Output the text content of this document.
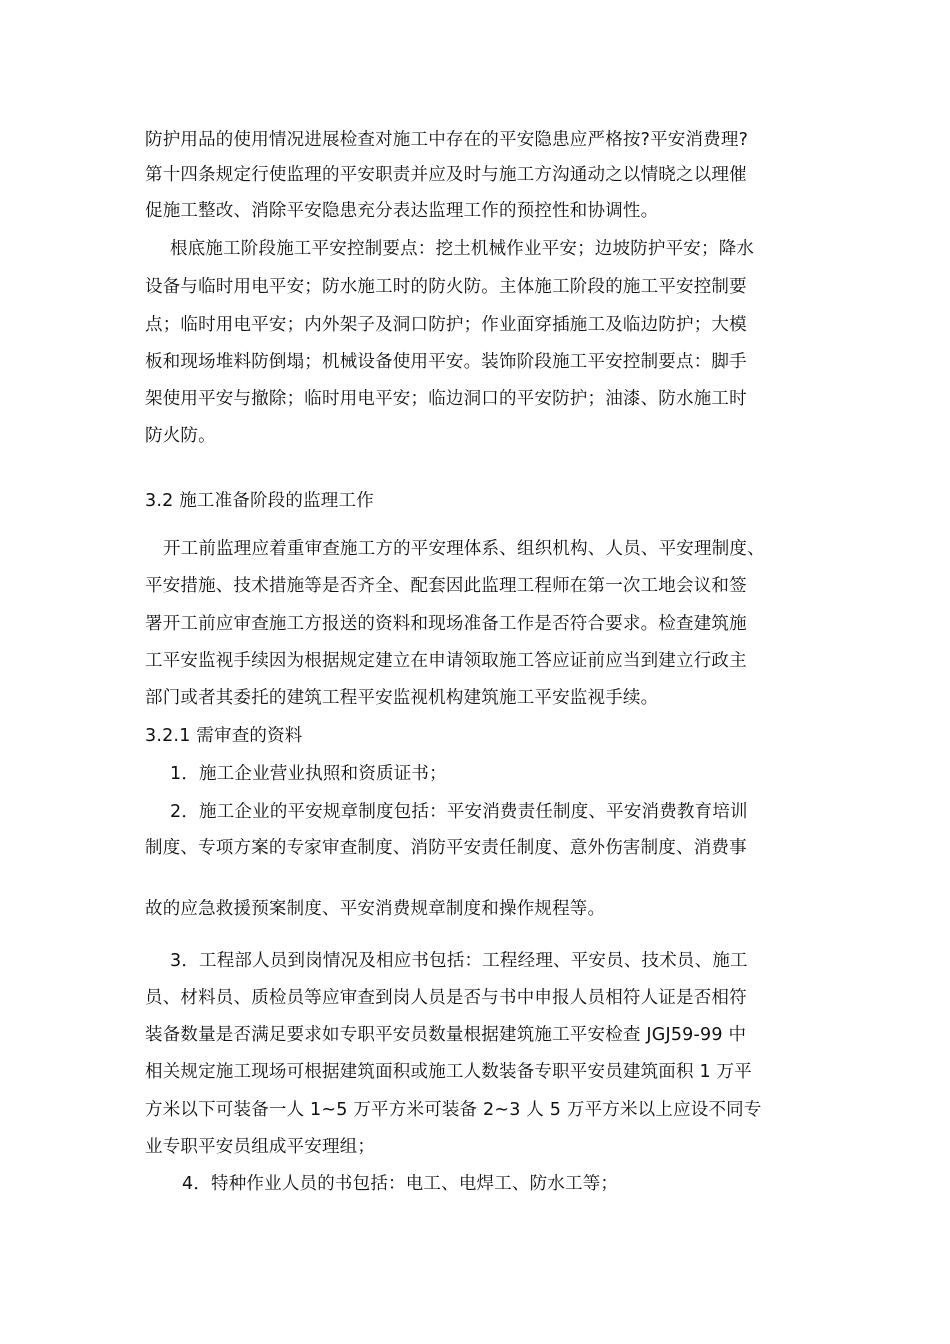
防护用品的使用情况进展检查对施工中存在的平安隐患应严格按?平安消费理?
第十四条规定行使监理的平安职责并应及时与施工方沟通动之以情晓之以理催
促施工整改、消除平安隐患充分表达监理工作的预控性和协调性。
根底施工阶段施工平安控制要点：挖土机械作业平安；边坡防护平安；降水
设备与临时用电平安；防水施工时的防火防。主体施工阶段的施工平安控制要
点；临时用电平安；内外架子及洞口防护；作业面穿插施工及临边防护；大模
板和现场堆料防倒塌；机械设备使用平安。装饰阶段施工平安控制要点：脚手
架使用平安与撤除；临时用电平安；临边洞口的平安防护；油漆、防水施工时
防火防。
3.2 施工准备阶段的监理工作
开工前监理应着重审查施工方的平安理体系、组织机构、人员、平安理制度、
平安措施、技术措施等是否齐全、配套因此监理工程师在第一次工地会议和签
署开工前应审查施工方报送的资料和现场准备工作是否符合要求。检查建筑施
工平安监视手续因为根据规定建立在申请领取施工答应证前应当到建立行政主
部门或者其委托的建筑工程平安监视机构建筑施工平安监视手续。
3.2.1 需审查的资料
1．施工企业营业执照和资质证书；
2．施工企业的平安规章制度包括：平安消费责任制度、平安消费教育培训
制度、专项方案的专家审查制度、消防平安责任制度、意外伤害制度、消费事
故的应急救援预案制度、平安消费规章制度和操作规程等。
3．工程部人员到岗情况及相应书包括：工程经理、平安员、技术员、施工
员、材料员、质检员等应审查到岗人员是否与书中申报人员相符人证是否相符
装备数量是否满足要求如专职平安员数量根据建筑施工平安检查 JGJ59-99 中
相关规定施工现场可根据建筑面积或施工人数装备专职平安员建筑面积 1 万平
方米以下可装备一人 1~5 万平方米可装备 2~3 人 5 万平方米以上应设不同专
业专职平安员组成平安理组；
4．特种作业人员的书包括：电工、电焊工、防水工等；
